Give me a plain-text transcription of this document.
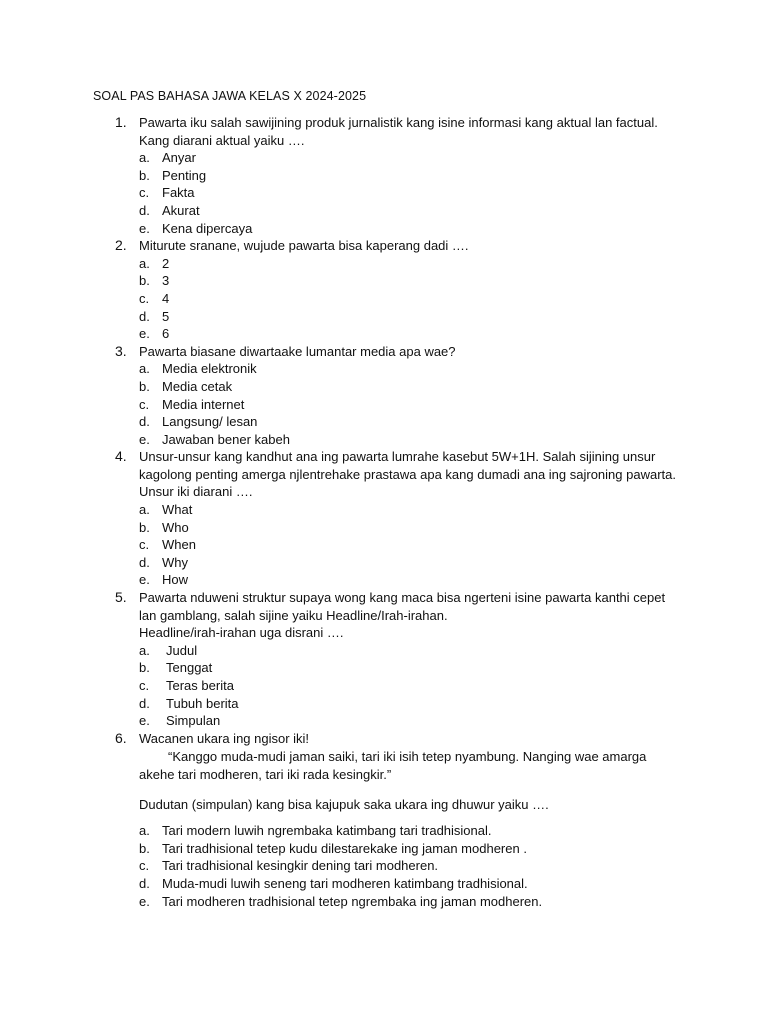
SOAL PAS BAHASA JAWA KELAS X 2024-2025
1. Pawarta iku salah sawijining produk jurnalistik kang isine informasi kang aktual lan factual. Kang diarani aktual yaiku ….
a. Anyar
b. Penting
c. Fakta
d. Akurat
e. Kena dipercaya
2. Miturute sranane, wujude pawarta bisa kaperang dadi ….
a. 2
b. 3
c. 4
d. 5
e. 6
3. Pawarta biasane diwartaake lumantar media apa wae?
a. Media elektronik
b. Media cetak
c. Media internet
d. Langsung/ lesan
e. Jawaban bener kabeh
4. Unsur-unsur kang kandhut ana ing pawarta lumrahe kasebut 5W+1H. Salah sijining unsur kagolong penting amerga njlentrehake prastawa apa kang dumadi ana ing sajroning pawarta. Unsur iki diarani ….
a. What
b. Who
c. When
d. Why
e. How
5. Pawarta nduweni struktur supaya wong kang maca bisa ngerteni isine pawarta kanthi cepet lan gamblang, salah sijine yaiku Headline/Irah-irahan.
Headline/irah-irahan uga disrani ….
a. Judul
b. Tenggat
c. Teras berita
d. Tubuh berita
e. Simpulan
6. Wacanen ukara ing ngisor iki!
“Kanggo muda-mudi jaman saiki, tari iki isih tetep nyambung. Nanging wae amarga akehe tari modheren, tari iki rada kesingkir.”
Dudutan (simpulan) kang bisa kajupuk saka ukara ing dhuwur yaiku ….
a. Tari modern luwih ngrembaka katimbang tari tradhisional.
b. Tari tradhisional tetep kudu dilestarekake ing jaman modheren .
c. Tari tradhisional kesingkir dening tari modheren.
d. Muda-mudi luwih seneng tari modheren katimbang tradhisional.
e. Tari modheren tradhisional tetep ngrembaka ing jaman modheren.
